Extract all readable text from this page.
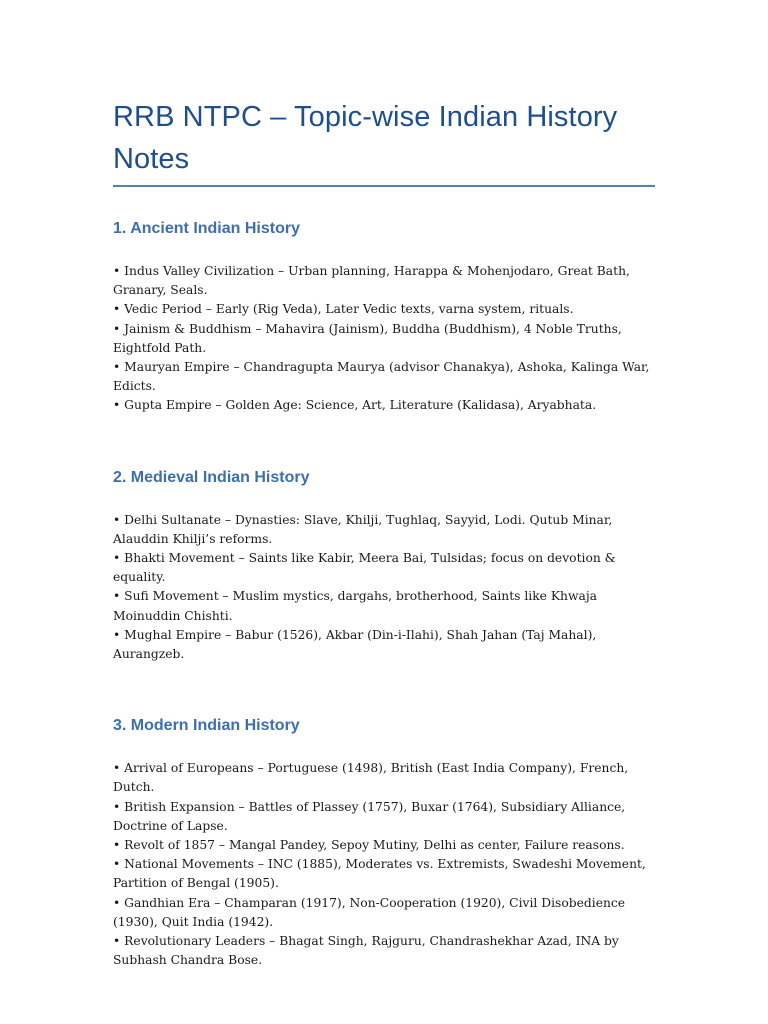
RRB NTPC – Topic-wise Indian History Notes
1. Ancient Indian History
• Indus Valley Civilization – Urban planning, Harappa & Mohenjodaro, Great Bath, Granary, Seals.
• Vedic Period – Early (Rig Veda), Later Vedic texts, varna system, rituals.
• Jainism & Buddhism – Mahavira (Jainism), Buddha (Buddhism), 4 Noble Truths, Eightfold Path.
• Mauryan Empire – Chandragupta Maurya (advisor Chanakya), Ashoka, Kalinga War, Edicts.
• Gupta Empire – Golden Age: Science, Art, Literature (Kalidasa), Aryabhata.
2. Medieval Indian History
• Delhi Sultanate – Dynasties: Slave, Khilji, Tughlaq, Sayyid, Lodi. Qutub Minar, Alauddin Khilji’s reforms.
• Bhakti Movement – Saints like Kabir, Meera Bai, Tulsidas; focus on devotion & equality.
• Sufi Movement – Muslim mystics, dargahs, brotherhood, Saints like Khwaja Moinuddin Chishti.
• Mughal Empire – Babur (1526), Akbar (Din-i-Ilahi), Shah Jahan (Taj Mahal), Aurangzeb.
3. Modern Indian History
• Arrival of Europeans – Portuguese (1498), British (East India Company), French, Dutch.
• British Expansion – Battles of Plassey (1757), Buxar (1764), Subsidiary Alliance, Doctrine of Lapse.
• Revolt of 1857 – Mangal Pandey, Sepoy Mutiny, Delhi as center, Failure reasons.
• National Movements – INC (1885), Moderates vs. Extremists, Swadeshi Movement, Partition of Bengal (1905).
• Gandhian Era – Champaran (1917), Non-Cooperation (1920), Civil Disobedience (1930), Quit India (1942).
• Revolutionary Leaders – Bhagat Singh, Rajguru, Chandrashekhar Azad, INA by Subhash Chandra Bose.
